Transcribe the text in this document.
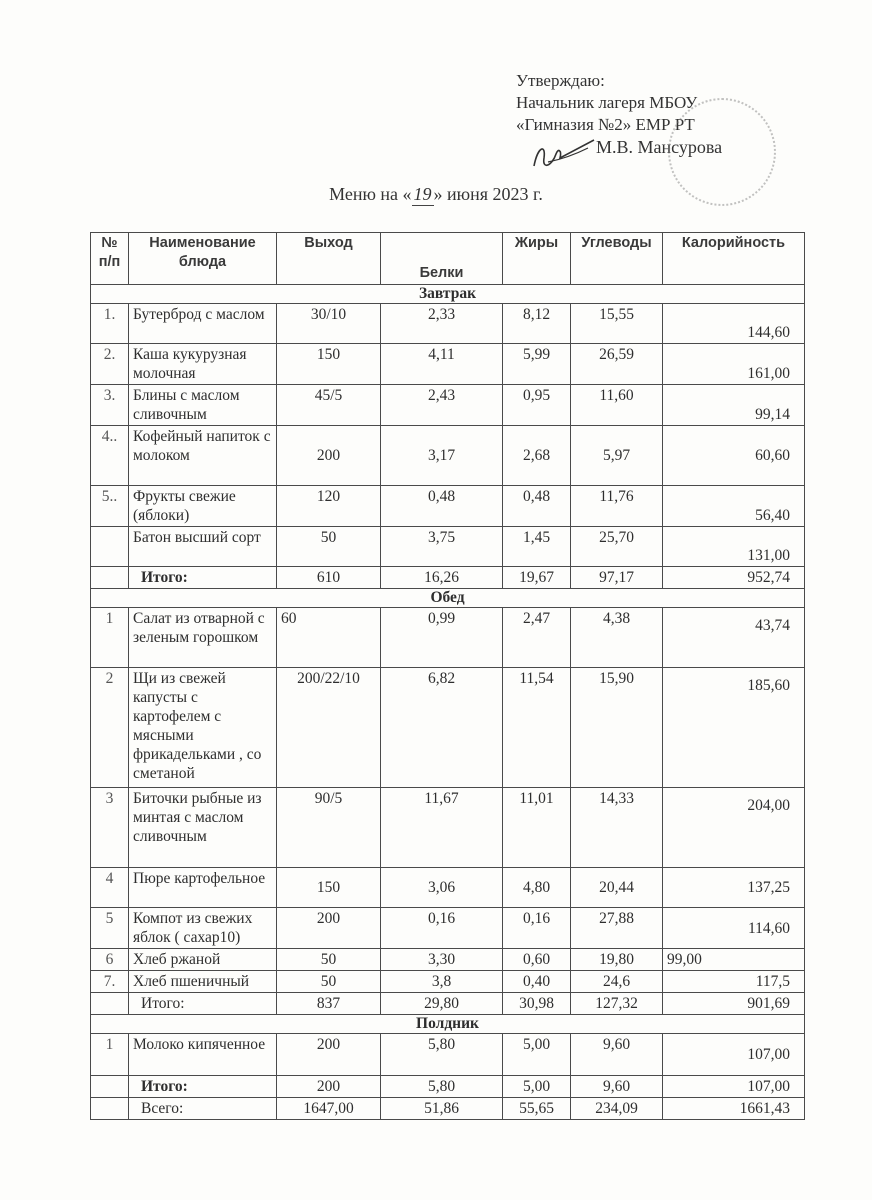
Утверждаю:
Начальник лагеря МБОУ
«Гимназия №2» ЕМР РТ
М.В. Мансурова
Меню на « 19 » июня 2023 г.
№ п/п	Наименование блюда	Выход	Белки	Жиры	Углеводы	Калорийность
Завтрак						
1.	Бутерброд с маслом	30/10	2,33	8,12	15,55	144,60
2.	Каша кукурузная молочная	150	4,11	5,99	26,59	161,00
3.	Блины с маслом сливочным	45/5	2,43	0,95	11,60	99,14
4..	Кофейный напиток с молоком	200	3,17	2,68	5,97	60,60
5..	Фрукты свежие (яблоки)	120	0,48	0,48	11,76	56,40
	Батон высший сорт	50	3,75	1,45	25,70	131,00
	Итого:	610	16,26	19,67	97,17	952,74
Обед						
1	Салат из отварной с зеленым горошком	60	0,99	2,47	4,38	43,74
2	Щи из свежей капусты с картофелем с мясными фрикадельками , со сметаной	200/22/10	6,82	11,54	15,90	185,60
3	Биточки рыбные из минтая с маслом сливочным	90/5	11,67	11,01	14,33	204,00
4	Пюре картофельное	150	3,06	4,80	20,44	137,25
5	Компот из свежих яблок ( сахар10)	200	0,16	0,16	27,88	114,60
6	Хлеб ржаной	50	3,30	0,60	19,80	99,00
7.	Хлеб пшеничный	50	3,8	0,40	24,6	117,5
	Итого:	837	29,80	30,98	127,32	901,69
Полдник						
1	Молоко кипяченное	200	5,80	5,00	9,60	107,00
	Итого:	200	5,80	5,00	9,60	107,00
	Всего:	1647,00	51,86	55,65	234,09	1661,43
